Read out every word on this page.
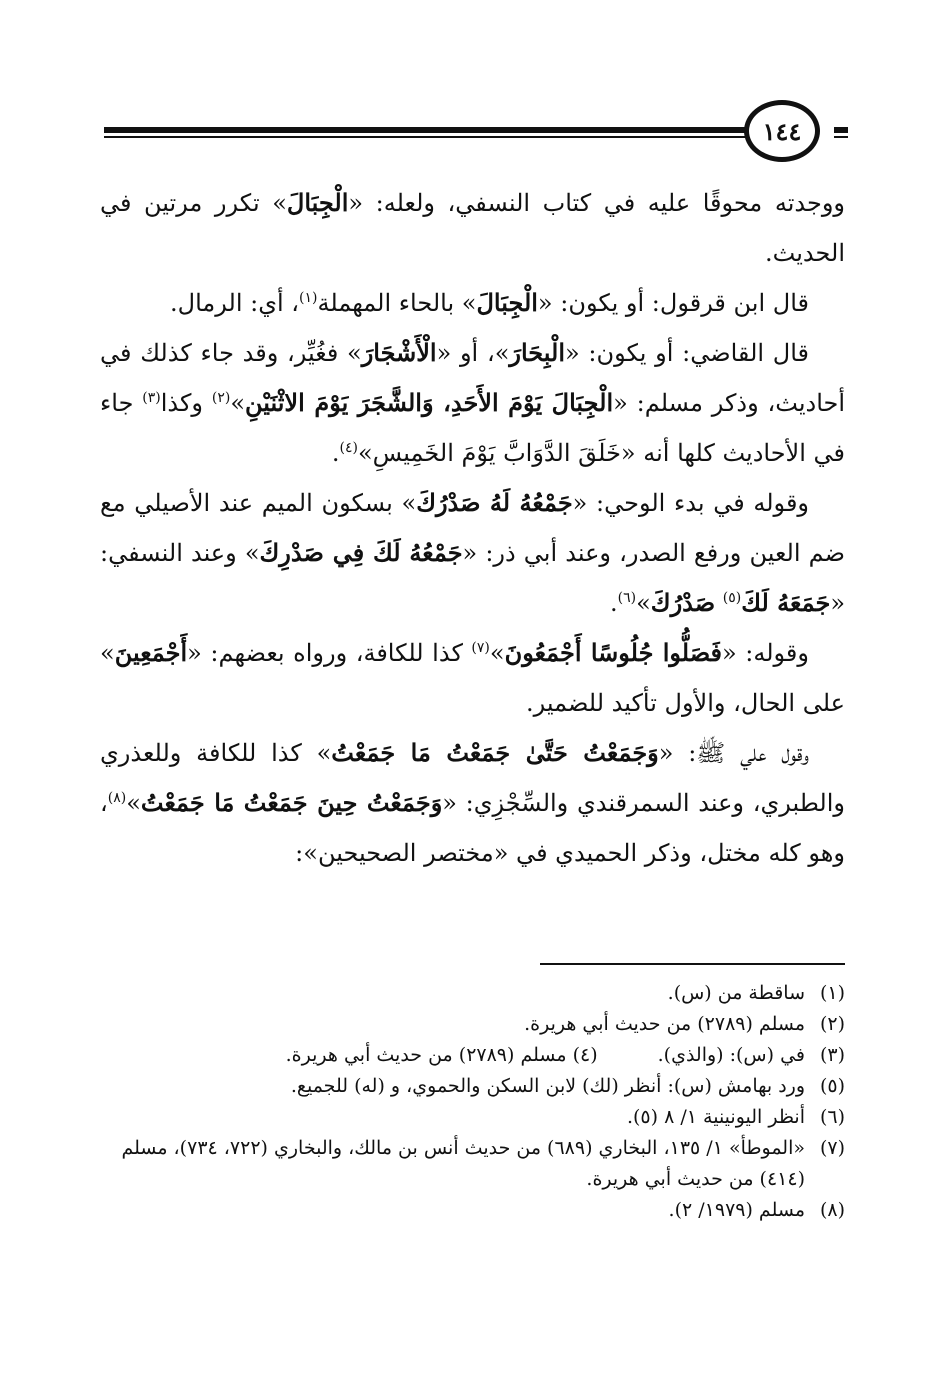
١٤٤

ووجدته محوقًا عليه في كتاب النسفي، ولعله: «الْجِبَالَ» تكرر مرتين في الحديث.

قال ابن قرقول: أو يكون: «الْجِبَالَ» بالحاء المهملة$^{(١)}$، أي: الرمال.

قال القاضي: أو يكون: «الْبِحَارَ»، أو «الْأَشْجَارَ» فغُيِّر، وقد جاء كذلك في أحاديث، وذكر مسلم: «الْجِبَالَ يَوْمَ الأَحَدِ، وَالشَّجَرَ يَوْمَ الاثْنَيْنِ»$^{(٢)}$ وكذا$^{(٣)}$ جاء في الأحاديث كلها أنه «خَلَقَ الدَّوَابَّ يَوْمَ الخَمِيسِ»$^{(٤)}$.

وقوله في بدء الوحي: «جَمْعُهُ لَهُ صَدْرُكَ» بسكون الميم عند الأصيلي مع ضم العين ورفع الصدر، وعند أبي ذر: «جَمْعُهُ لَكَ فِي صَدْرِكَ» وعند النسفي: «جَمَعَهُ لَكَ$^{(٥)}$ صَدْرُكَ»$^{(٦)}$.

وقوله: «فَصَلُّوا جُلُوسًا أَجْمَعُونَ»$^{(٧)}$ كذا للكافة، ورواه بعضهم: «أَجْمَعِينَ» على الحال، والأول تأكيد للضمير.

وقول علي ﷺ: «وَجَمَعْتُ حَتَّىٰ جَمَعْتُ مَا جَمَعْتُ» كذا للكافة وللعذري والطبري، وعند السمرقندي والسِّجْزِي: «وَجَمَعْتُ حِينَ جَمَعْتُ مَا جَمَعْتُ»$^{(٨)}$، وهو كله مختل، وذكر الحميدي في «مختصر الصحيحين»:

(١)
ساقطة من (س).
(٢)
مسلم (٢٧٨٩) من حديث أبي هريرة.
(٣)
في (س): (والذي).(٤) مسلم (٢٧٨٩) من حديث أبي هريرة.
(٥)
ورد بهامش (س): أنظر (لك) لابن السكن والحموي، و (له) للجميع.
(٦)
أنظر اليونينية ١/ ٨ (٥).
(٧)
«الموطأ» ١/ ١٣٥، البخاري (٦٨٩) من حديث أنس بن مالك، والبخاري (٧٢٢، ٧٣٤)، مسلم (٤١٤) من حديث أبي هريرة.
(٨)
مسلم (١٩٧٩/ ٢).
